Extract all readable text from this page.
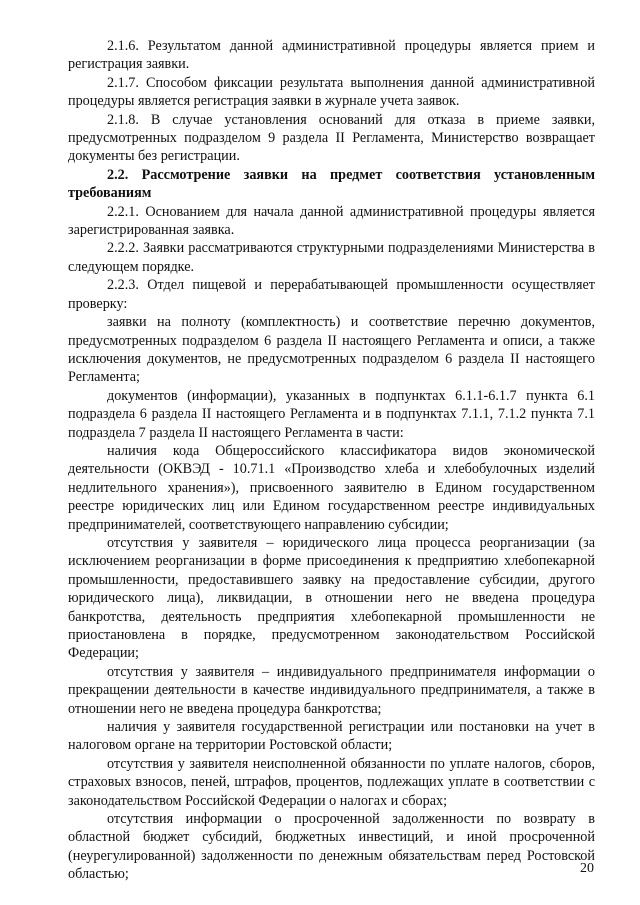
2.1.6. Результатом данной административной процедуры является прием и регистрация заявки.

2.1.7. Способом фиксации результата выполнения данной административной процедуры является регистрация заявки в журнале учета заявок.

2.1.8. В случае установления оснований для отказа в приеме заявки, предусмотренных подразделом 9 раздела II Регламента, Министерство возвращает документы без регистрации.

2.2. Рассмотрение заявки на предмет соответствия установленным требованиям

2.2.1. Основанием для начала данной административной процедуры является зарегистрированная заявка.

2.2.2. Заявки рассматриваются структурными подразделениями Министерства в следующем порядке.

2.2.3. Отдел пищевой и перерабатывающей промышленности осуществляет проверку:

заявки на полноту (комплектность) и соответствие перечню документов, предусмотренных подразделом 6 раздела II настоящего Регламента и описи, а также исключения документов, не предусмотренных подразделом 6 раздела II настоящего Регламента;

документов (информации), указанных в подпунктах 6.1.1-6.1.7 пункта 6.1 подраздела 6 раздела II настоящего Регламента и в подпунктах 7.1.1, 7.1.2 пункта 7.1 подраздела 7 раздела II настоящего Регламента в части:

наличия кода Общероссийского классификатора видов экономической деятельности (ОКВЭД - 10.71.1 «Производство хлеба и хлебобулочных изделий недлительного хранения»), присвоенного заявителю в Едином государственном реестре юридических лиц или Едином государственном реестре индивидуальных предпринимателей, соответствующего направлению субсидии;

отсутствия у заявителя – юридического лица процесса реорганизации (за исключением реорганизации в форме присоединения к предприятию хлебопекарной промышленности, предоставившего заявку на предоставление субсидии, другого юридического лица), ликвидации, в отношении него не введена процедура банкротства, деятельность предприятия хлебопекарной промышленности не приостановлена в порядке, предусмотренном законодательством Российской Федерации;

отсутствия у заявителя – индивидуального предпринимателя информации о прекращении деятельности в качестве индивидуального предпринимателя, а также в отношении него не введена процедура банкротства;

наличия у заявителя государственной регистрации или постановки на учет в налоговом органе на территории Ростовской области;

отсутствия у заявителя неисполненной обязанности по уплате налогов, сборов, страховых взносов, пеней, штрафов, процентов, подлежащих уплате в соответствии с законодательством Российской Федерации о налогах и сборах;

отсутствия информации о просроченной задолженности по возврату в областной бюджет субсидий, бюджетных инвестиций, и иной просроченной (неурегулированной) задолженности по денежным обязательствам перед Ростовской областью;	20
